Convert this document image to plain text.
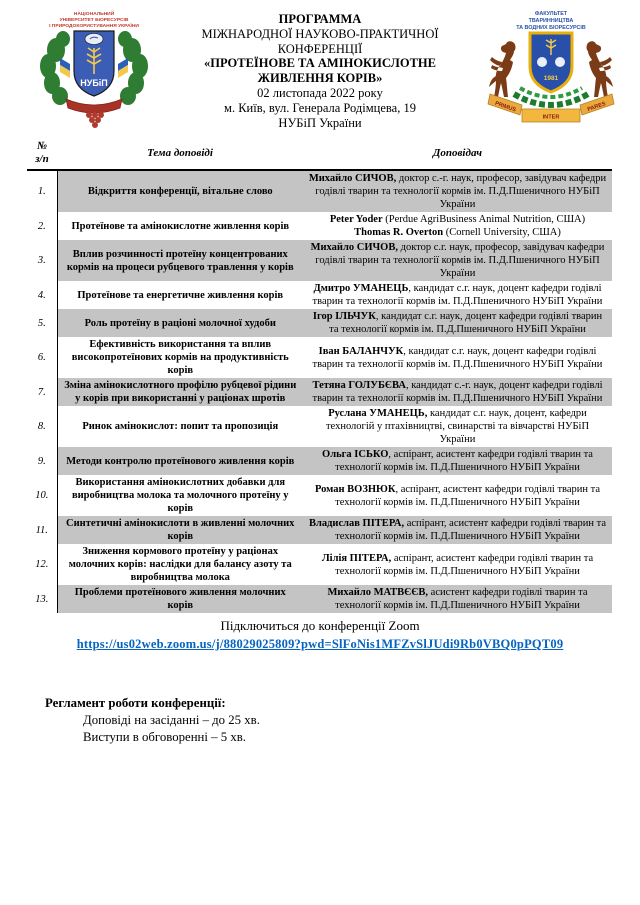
НАЦІОНАЛЬНИЙ
УНІВЕРСИТЕТ БІОРЕСУРСІВ
І ПРИРОДОКОРИСТУВАННЯ УКРАЇНИ
НУБіП
ПРОГРАММА
МІЖНАРОДНОЇ НАУКОВО-ПРАКТИЧНОЇ
КОНФЕРЕНЦІЇ
«ПРОТЕЇНОВЕ ТА АМІНОКИСЛОТНЕ
ЖИВЛЕННЯ КОРІВ»
02 листопада 2022 року
м. Київ, вул. Генерала Родімцева, 19
НУБіП України
ФАКУЛЬТЕТ
ТВАРИННИЦТВА
ТА ВОДНИХ БІОРЕСУРСІВ
1981
PRIMUS
INTER
PARES
№
з/п	Тема доповіді	Доповідач
1.	Відкриття конференції, вітальне слово	Михайло СИЧОВ, доктор с.-г. наук, професор, завідувач кафедри годівлі тварин та технології кормів ім. П.Д.Пшеничного НУБіП України

2.	Протеїнове та амінокислотне живлення корів	Peter Yoder (Perdue AgriBusiness Animal Nutrition, США)
Thomas R. Overton (Cornell University, США)

3.	Вплив розчинності протеїну концентрованих кормів на процеси рубцевого травлення у корів	Михайло СИЧОВ, доктор с.г. наук, професор, завідувач кафедри годівлі тварин та технології кормів ім. П.Д.Пшеничного НУБіП України

4.	Протеїнове та енергетичне живлення корів	Дмитро УМАНЕЦЬ, кандидат с.г. наук, доцент кафедри годівлі тварин та технології кормів ім. П.Д.Пшеничного НУБіП України

5.	Роль протеїну в раціоні молочної худоби	Ігор ІЛЬЧУК, кандидат с.г. наук, доцент кафедри годівлі тварин та технології кормів ім. П.Д.Пшеничного НУБіП України

6.	Ефективність використання та вплив високопротеїнових кормів на продуктивність корів	Іван БАЛАНЧУК, кандидат с.г. наук, доцент кафедри годівлі тварин та технології кормів ім. П.Д.Пшеничного НУБіП України

7.	Зміна амінокислотного профілю рубцевої рідини у корів при використанні у раціонах шротів	Тетяна ГОЛУБЄВА, кандидат с.-г. наук, доцент кафедри годівлі тварин та технології кормів ім. П.Д.Пшеничного НУБіП України

8.	Ринок амінокислот: попит та пропозиція	Руслана УМАНЕЦЬ, кандидат с.г. наук, доцент, кафедри технологій у птахівництві, свинарстві та вівчарстві НУБіП України

9.	Методи контролю протеїнового живлення корів	Ольга ІСЬКО, аспірант, асистент кафедри годівлі тварин та технології кормів ім. П.Д.Пшеничного НУБіП України

10.	Використання амінокислотних добавки для виробництва молока та молочного протеїну у корів	Роман ВОЗНЮК, аспірант, асистент кафедри годівлі тварин та технології кормів ім. П.Д.Пшеничного НУБіП України

11.	Синтетичні амінокислоти в живленні молочних корів	Владислав ПІТЕРА, аспірант, асистент кафедри годівлі тварин та технології кормів ім. П.Д.Пшеничного НУБіП України

12.	Зниження кормового протеїну у раціонах молочних корів: наслідки для балансу азоту та виробництва молока	Лілія ПІТЕРА, аспірант, асистент кафедри годівлі тварин та технології кормів ім. П.Д.Пшеничного НУБіП України

13.	Проблеми протеїнового живлення молочних корів	Михайло МАТВЄЄВ, асистент кафедри годівлі тварин та технології кормів ім. П.Д.Пшеничного НУБіП України
Підключиться до конференції Zoom
https://us02web.zoom.us/j/88029025809?pwd=SlFoNis1MFZvSlJUdi9Rb0VBQ0pPQT09
Регламент роботи конференції:
Доповіді на засіданні – до 25 хв.
Виступи в обговоренні – 5 хв.
